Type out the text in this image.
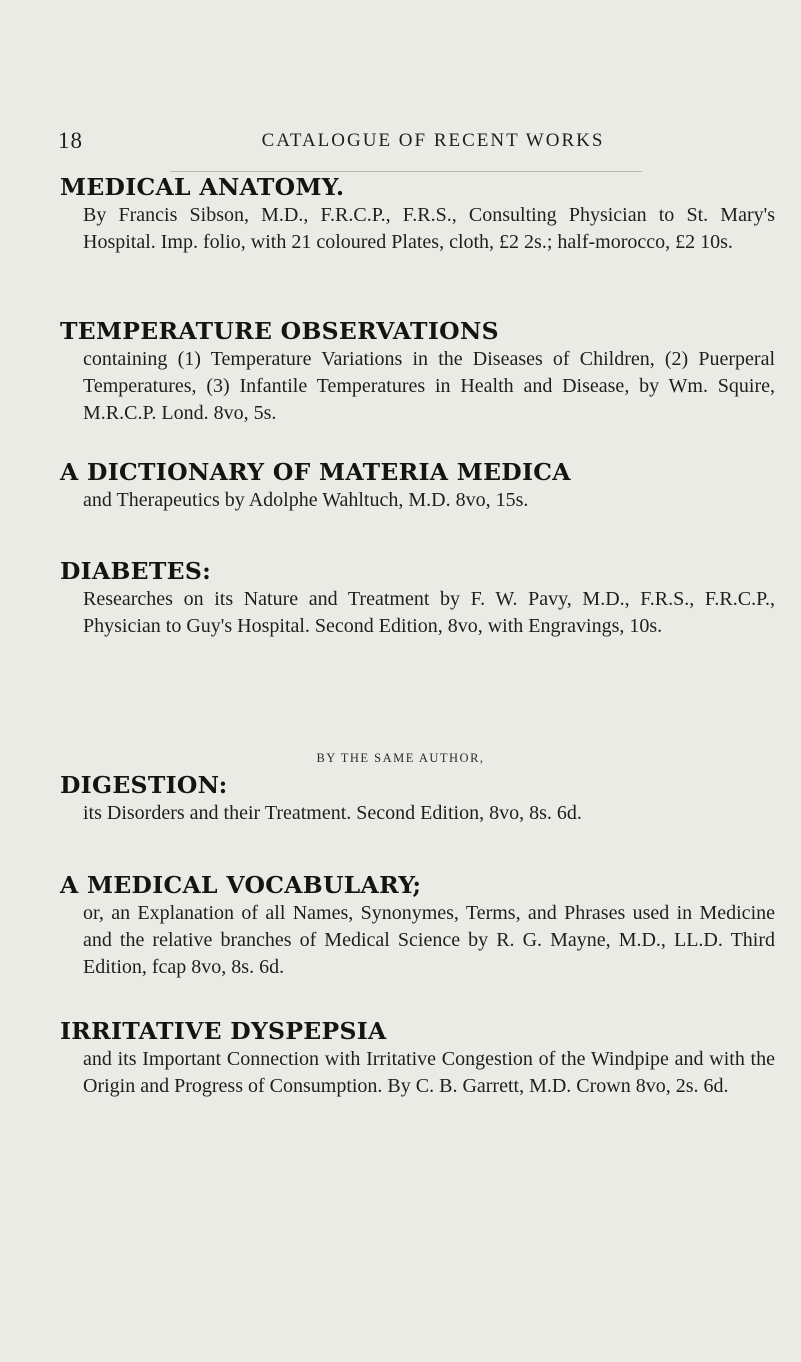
18	CATALOGUE OF RECENT WORKS
MEDICAL ANATOMY.
By Francis Sibson, M.D., F.R.C.P., F.R.S., Consulting Physician to St. Mary's Hospital. Imp. folio, with 21 coloured Plates, cloth, £2 2s.; half-morocco, £2 10s.
TEMPERATURE OBSERVATIONS
containing (1) Temperature Variations in the Diseases of Children, (2) Puerperal Temperatures, (3) Infantile Temperatures in Health and Disease, by Wm. Squire, M.R.C.P. Lond. 8vo, 5s.
A DICTIONARY OF MATERIA MEDICA
and Therapeutics by Adolphe Wahltuch, M.D. 8vo, 15s.
DIABETES:
Researches on its Nature and Treatment by F. W. Pavy, M.D., F.R.S., F.R.C.P., Physician to Guy's Hospital. Second Edition, 8vo, with Engravings, 10s.
BY THE SAME AUTHOR,
DIGESTION:
its Disorders and their Treatment. Second Edition, 8vo, 8s. 6d.
A MEDICAL VOCABULARY;
or, an Explanation of all Names, Synonymes, Terms, and Phrases used in Medicine and the relative branches of Medical Science by R. G. Mayne, M.D., LL.D. Third Edition, fcap 8vo, 8s. 6d.
IRRITATIVE DYSPEPSIA
and its Important Connection with Irritative Congestion of the Windpipe and with the Origin and Progress of Consumption. By C. B. Garrett, M.D. Crown 8vo, 2s. 6d.
